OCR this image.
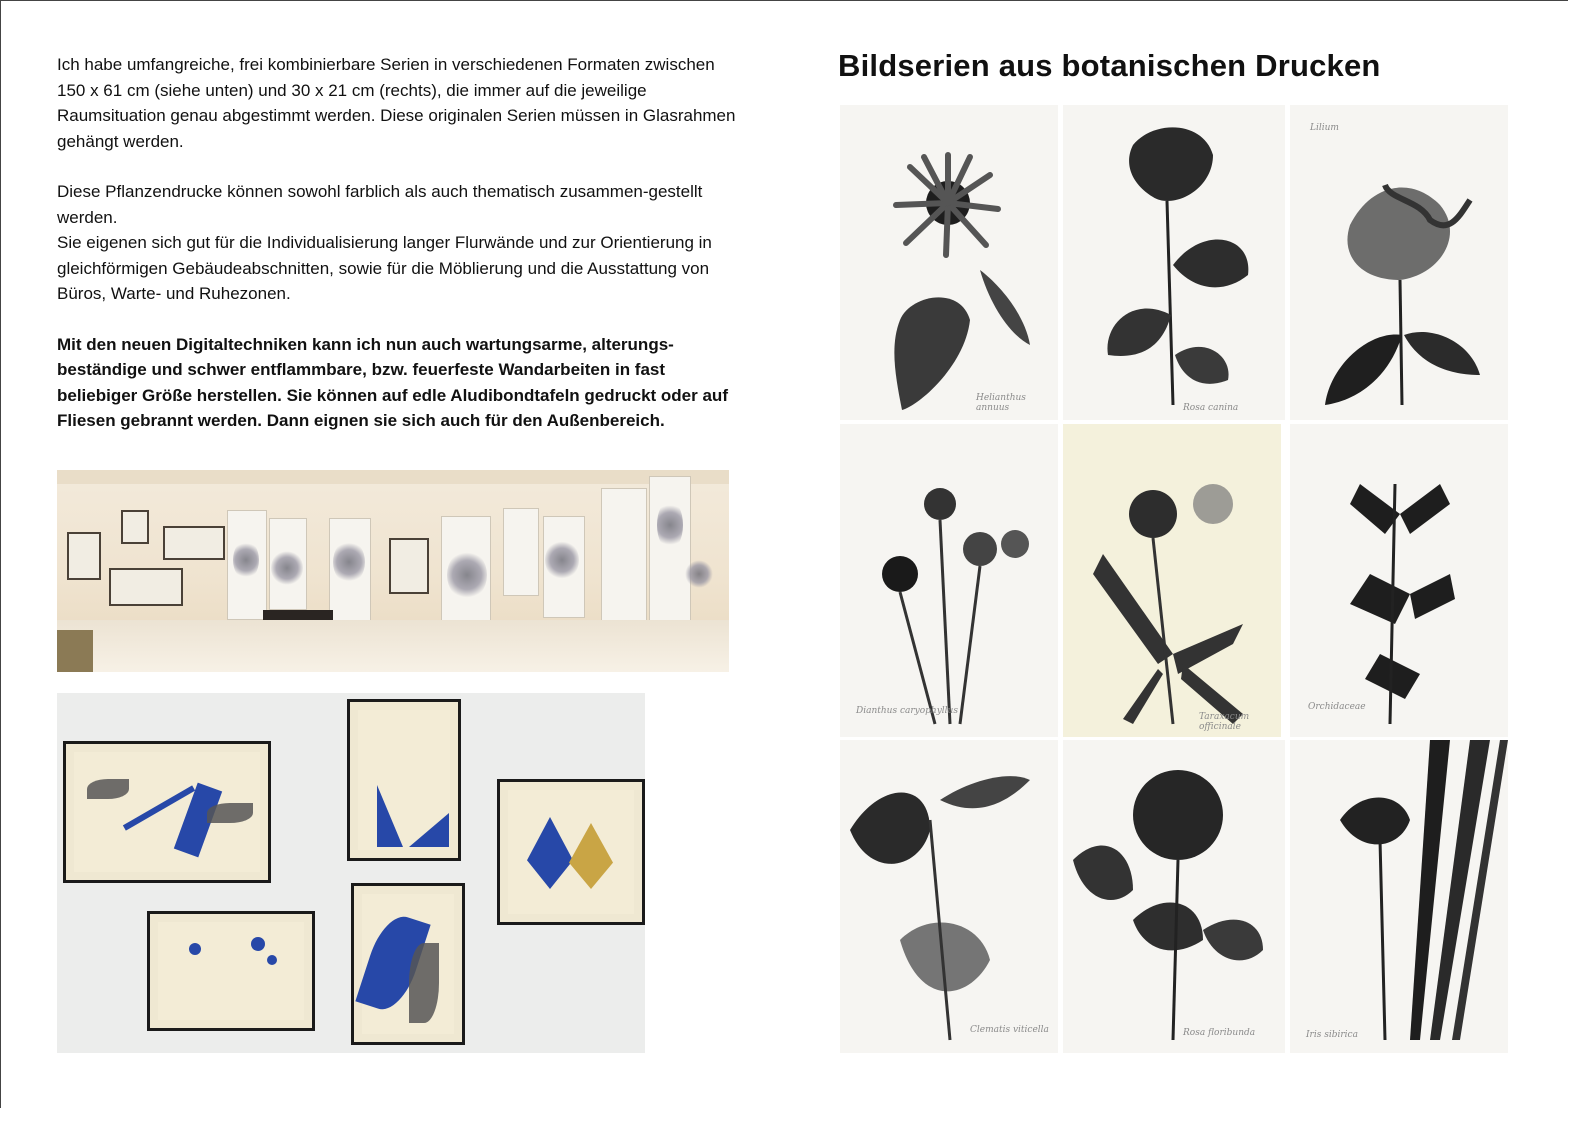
Ich habe umfangreiche, frei kombinierbare Serien in verschiedenen Formaten zwischen 150 x 61 cm (siehe unten) und 30 x 21 cm (rechts), die immer auf die jeweilige Raumsituation genau abgestimmt werden. Diese originalen Serien müssen in Glasrahmen gehängt werden.

Diese Pflanzendrucke können sowohl farblich als auch thematisch zusammen-gestellt werden.

Sie eigenen sich gut für die Individualisierung langer Flurwände und zur Orientierung in gleichförmigen Gebäudeabschnitten, sowie für die Möblierung und die Ausstattung von Büros, Warte- und Ruhezonen.

Mit den neuen Digitaltechniken kann ich nun auch wartungsarme, alterungs-beständige und schwer entflammbare, bzw. feuerfeste Wandarbeiten in fast beliebiger Größe herstellen. Sie können auf edle Aludibondtafeln gedruckt oder auf Fliesen gebrannt werden. Dann eignen sie sich auch für den Außenbereich.

Bildserien aus botanischen Drucken
Helianthus annuus	Rosa canina
Lilium
Dianthus caryophyllus
Taraxacum officinale
Orchidaceae
Clematis viticella	Rosa floribunda	Iris sibirica
